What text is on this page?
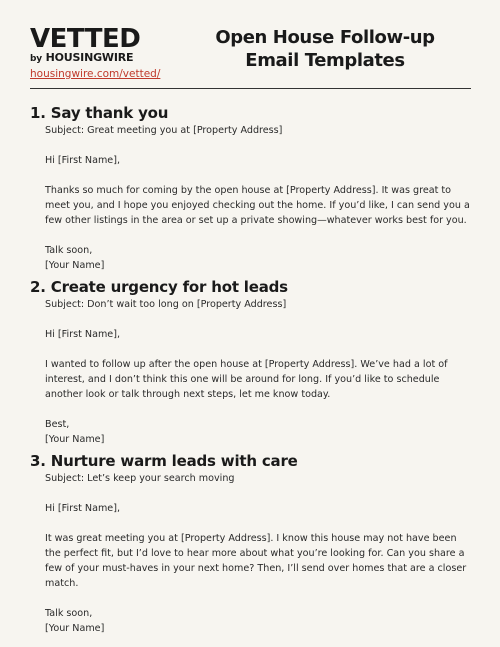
VETTED
by HOUSINGWIRE
housingwire.com/vetted/
Open House Follow-up
Email Templates
1. Say thank you

Subject: Great meeting you at [Property Address]

Hi [First Name],

Thanks so much for coming by the open house at [Property Address]. It was great to meet you, and I hope you enjoyed checking out the home. If you’d like, I can send you a few other listings in the area or set up a private showing—whatever works best for you.

Talk soon,

[Your Name]

2. Create urgency for hot leads

Subject: Don’t wait too long on [Property Address]

Hi [First Name],

I wanted to follow up after the open house at [Property Address]. We’ve had a lot of interest, and I don’t think this one will be around for long. If you’d like to schedule another look or talk through next steps, let me know today.

Best,

[Your Name]

3. Nurture warm leads with care

Subject: Let’s keep your search moving

Hi [First Name],

It was great meeting you at [Property Address]. I know this house may not have been the perfect fit, but I’d love to hear more about what you’re looking for. Can you share a few of your must-haves in your next home? Then, I’ll send over homes that are a closer match.

Talk soon,

[Your Name]
